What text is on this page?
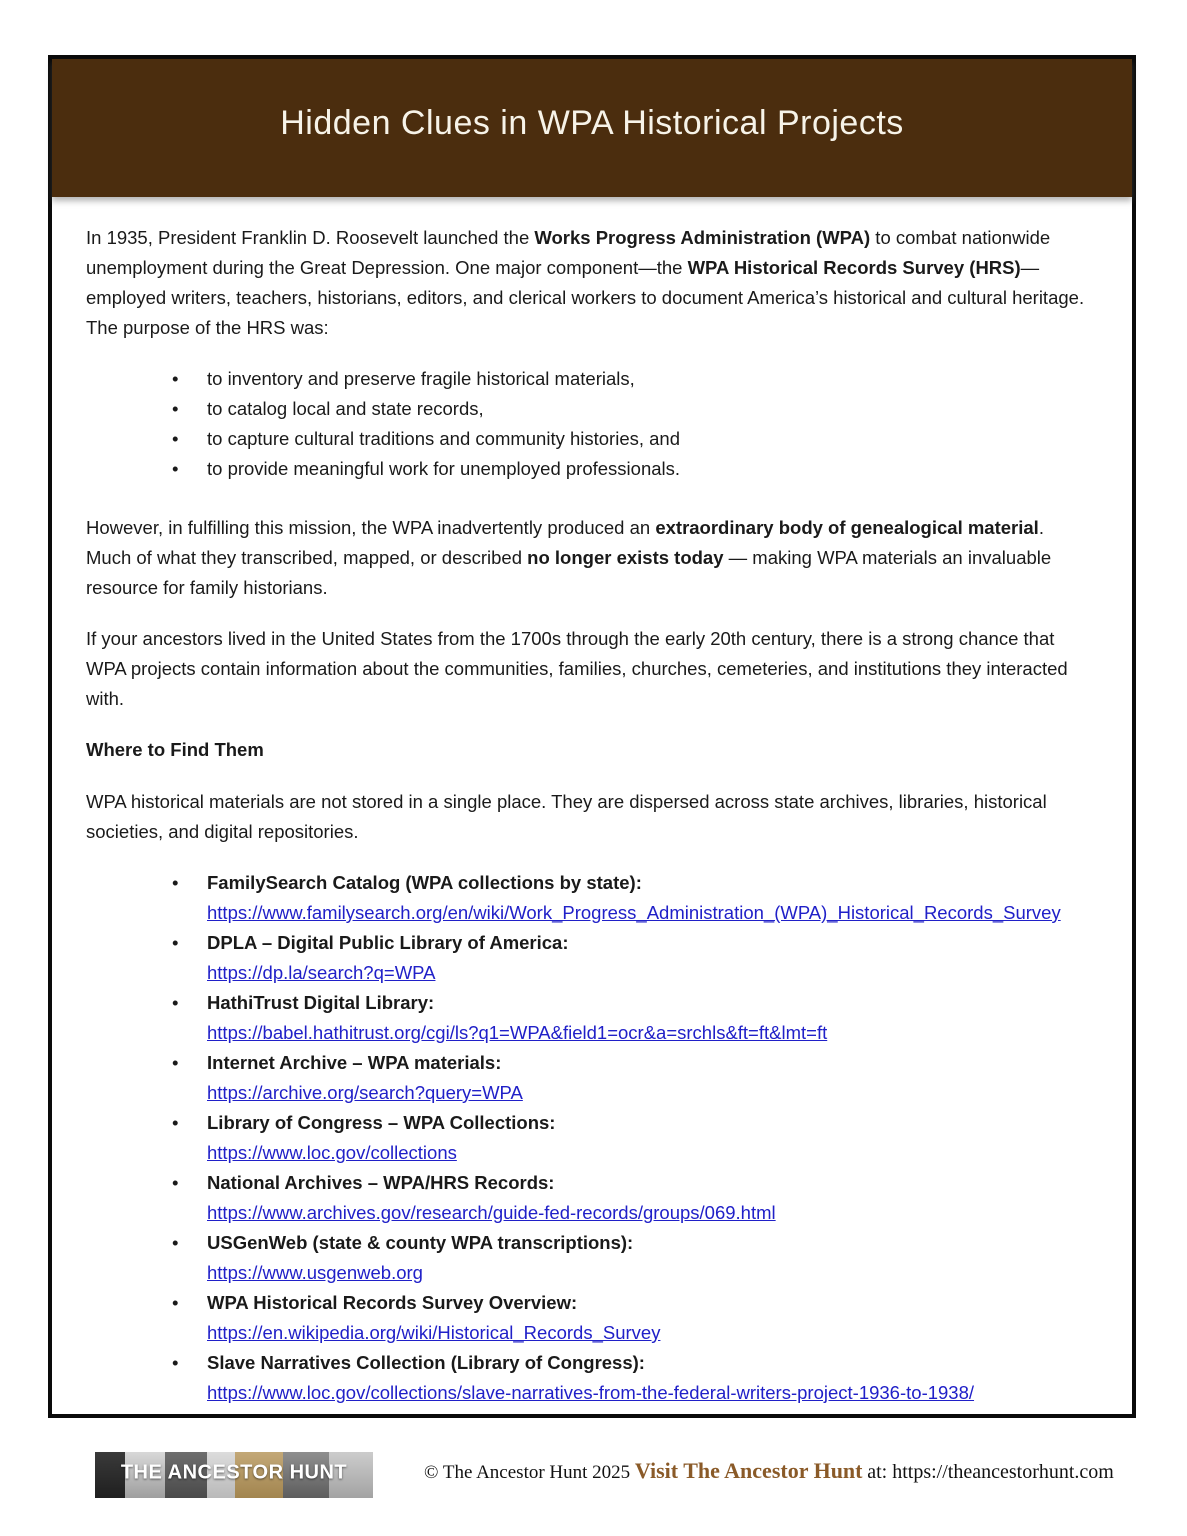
Hidden Clues in WPA Historical Projects

In 1935, President Franklin D. Roosevelt launched the Works Progress Administration (WPA) to combat nationwide unemployment during the Great Depression. One major component—the WPA Historical Records Survey (HRS)—employed writers, teachers, historians, editors, and clerical workers to document America’s historical and cultural heritage. The purpose of the HRS was:

• to inventory and preserve fragile historical materials,
• to catalog local and state records,
• to capture cultural traditions and community histories, and
• to provide meaningful work for unemployed professionals.

However, in fulfilling this mission, the WPA inadvertently produced an extraordinary body of genealogical material. Much of what they transcribed, mapped, or described no longer exists today — making WPA materials an invaluable resource for family historians.

If your ancestors lived in the United States from the 1700s through the early 20th century, there is a strong chance that WPA projects contain information about the communities, families, churches, cemeteries, and institutions they interacted with.

Where to Find Them

WPA historical materials are not stored in a single place. They are dispersed across state archives, libraries, historical societies, and digital repositories.

• FamilySearch Catalog (WPA collections by state):
https://www.familysearch.org/en/wiki/Work_Progress_Administration_(WPA)_Historical_Records_Survey
• DPLA – Digital Public Library of America:
https://dp.la/search?q=WPA
• HathiTrust Digital Library:
https://babel.hathitrust.org/cgi/ls?q1=WPA&field1=ocr&a=srchls&ft=ft&lmt=ft
• Internet Archive – WPA materials:
https://archive.org/search?query=WPA
• Library of Congress – WPA Collections:
https://www.loc.gov/collections
• National Archives – WPA/HRS Records:
https://www.archives.gov/research/guide-fed-records/groups/069.html
• USGenWeb (state & county WPA transcriptions):
https://www.usgenweb.org
• WPA Historical Records Survey Overview:
https://en.wikipedia.org/wiki/Historical_Records_Survey
• Slave Narratives Collection (Library of Congress):
https://www.loc.gov/collections/slave-narratives-from-the-federal-writers-project-1936-to-1938/
THE ANCESTOR HUNT	© The Ancestor Hunt 2025 Visit The Ancestor Hunt at: https://theancestorhunt.com
